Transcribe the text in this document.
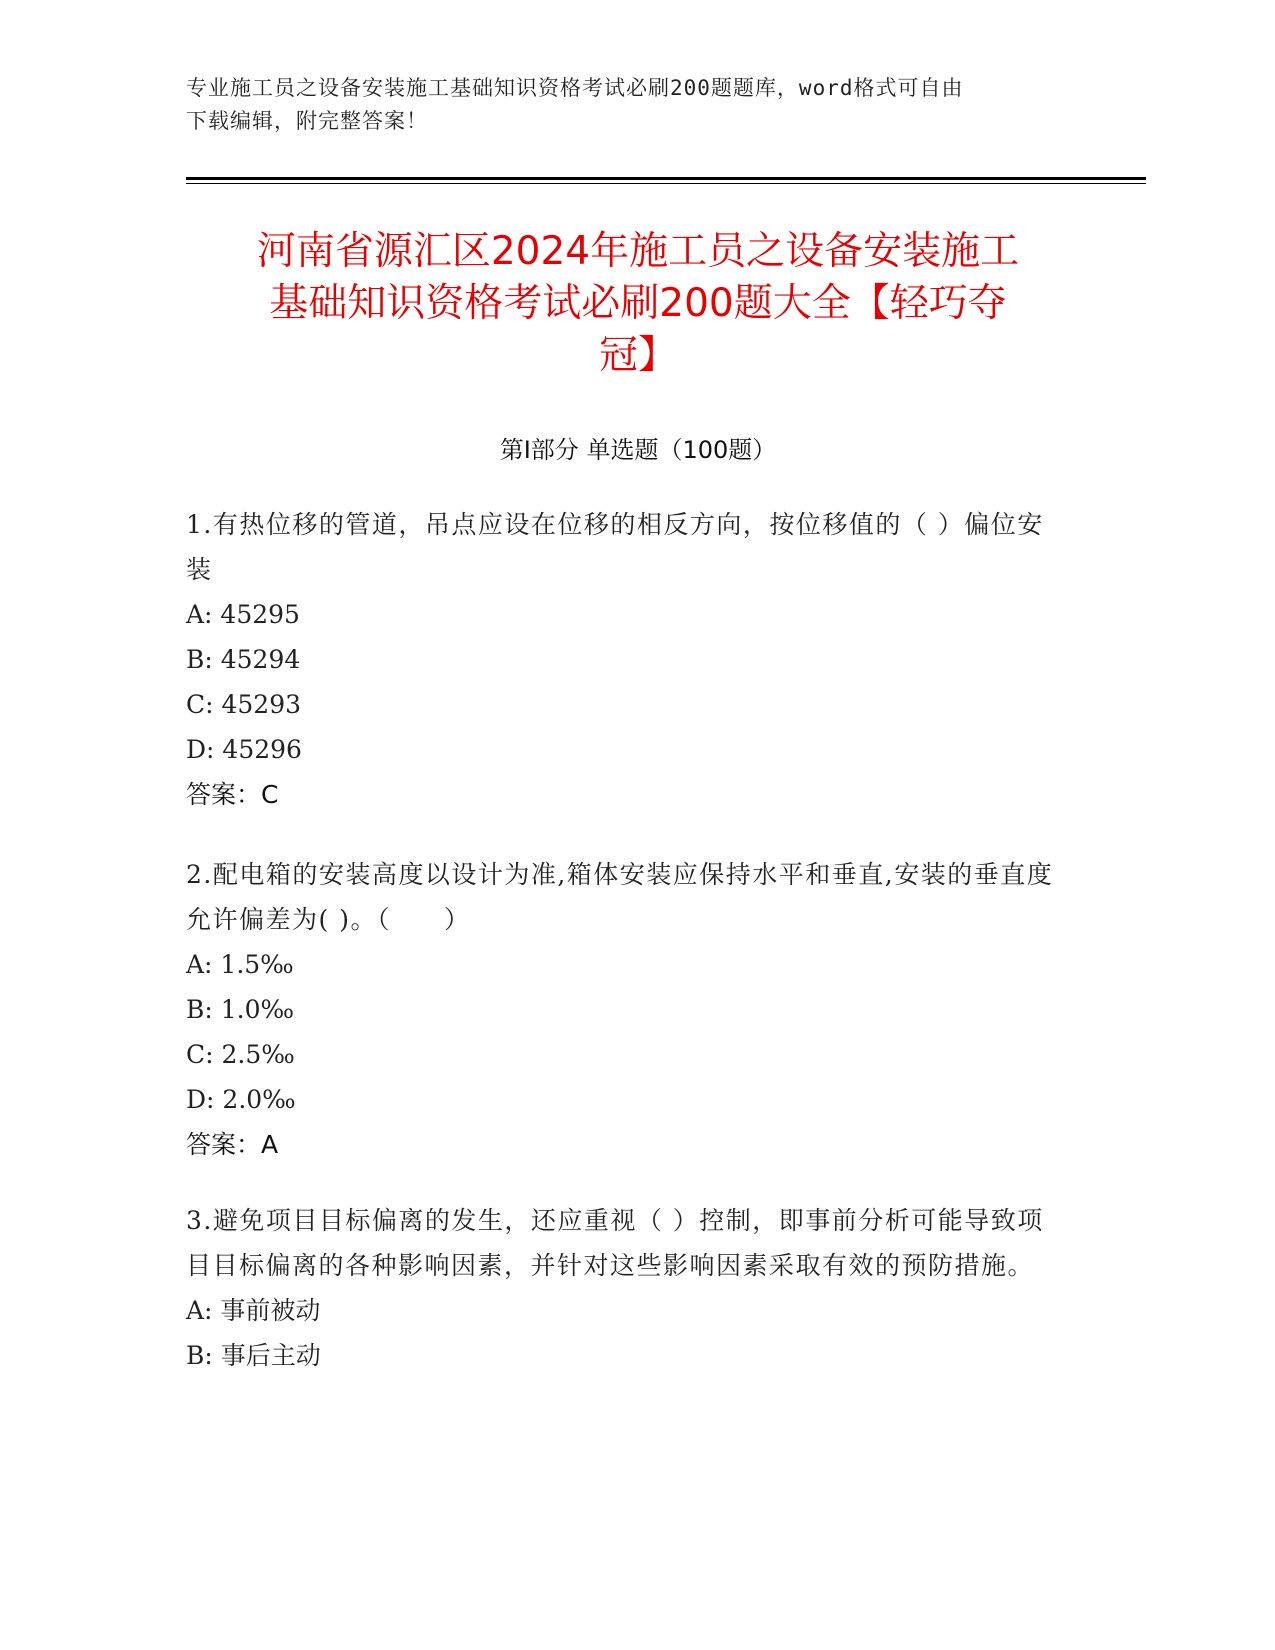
专业施工员之设备安装施工基础知识资格考试必刷200题题库，word格式可自由
下载编辑，附完整答案！
河南省源汇区2024年施工员之设备安装施工
基础知识资格考试必刷200题大全【轻巧夺
冠】
第Ⅰ部分 单选题（100题）

1.有热位移的管道，吊点应设在位移的相反方向，按位移值的（ ）偏位安装

A: 45295

B: 45294

C: 45293

D: 45296

答案：C

2.配电箱的安装高度以设计为准,箱体安装应保持水平和垂直,安装的垂直度允许偏差为( )。（　　）

A: 1.5‰

B: 1.0‰

C: 2.5‰

D: 2.0‰

答案：A

3.避免项目目标偏离的发生，还应重视（ ）控制，即事前分析可能导致项目目标偏离的各种影响因素，并针对这些影响因素采取有效的预防措施。

A: 事前被动

B: 事后主动
